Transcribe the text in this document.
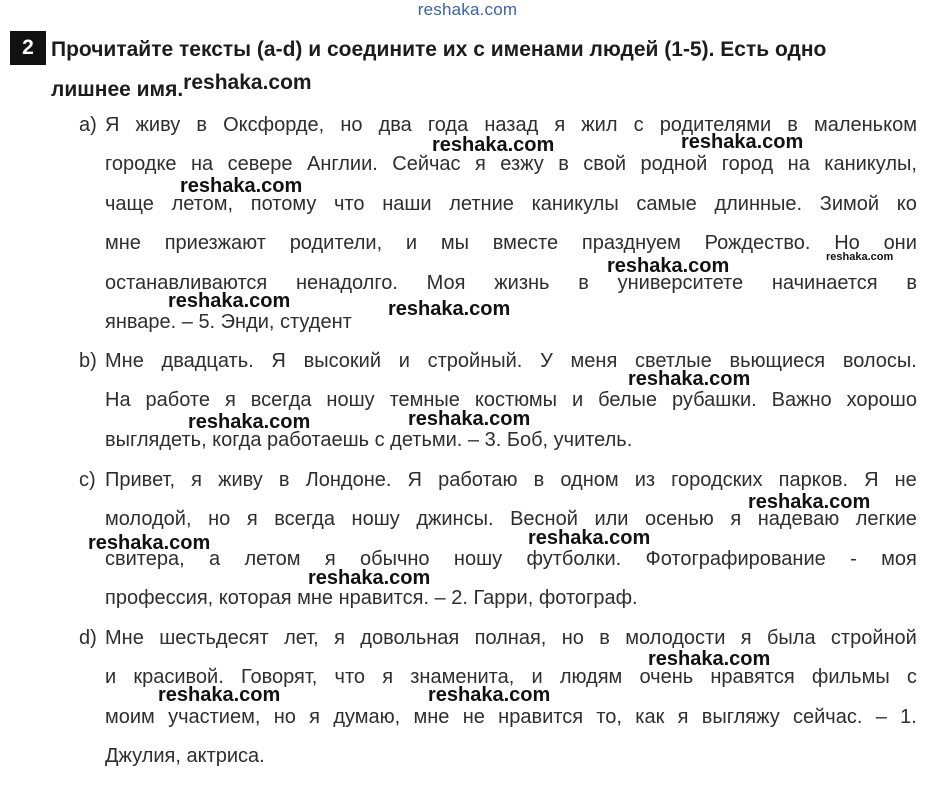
reshaka.com
2 Прочитайте тексты (a-d) и соедините их с именами людей (1-5). Есть одно
лишнее имя.reshaka.com
a) Я живу в Оксфорде, но два года назад я жил с родителями в маленьком
городке на севере Англии. Сейчас я езжу в свой родной город на каникулы,
чаще летом, потому что наши летние каникулы самые длинные. Зимой ко
мне приезжают родители, и мы вместе празднуем Рождество. Но они
останавливаются ненадолго. Моя жизнь в университете начинается в
январе. – 5. Энди, студент
b) Мне двадцать. Я высокий и стройный. У меня светлые вьющиеся волосы.
На работе я всегда ношу темные костюмы и белые рубашки. Важно хорошо
выглядеть, когда работаешь с детьми. – 3. Боб, учитель.
c) Привет, я живу в Лондоне. Я работаю в одном из городских парков. Я не
молодой, но я всегда ношу джинсы. Весной или осенью я надеваю легкие
свитера, а летом я обычно ношу футболки. Фотографирование - моя
профессия, которая мне нравится. – 2. Гарри, фотограф.
d) Мне шестьдесят лет, я довольная полная, но в молодости я была стройной
и красивой. Говорят, что я знаменита, и людям очень нравятся фильмы с
моим участием, но я думаю, мне не нравится то, как я выгляжу сейчас. – 1.
Джулия, актриса.
reshaka.com	reshaka.com
reshaka.com
reshaka.com
reshaka.com
reshaka.com	reshaka.com
reshaka.com
reshaka.com
reshaka.com
reshaka.com
reshaka.com
reshaka.com
reshaka.com
reshaka.com
reshaka.com	reshaka.com
